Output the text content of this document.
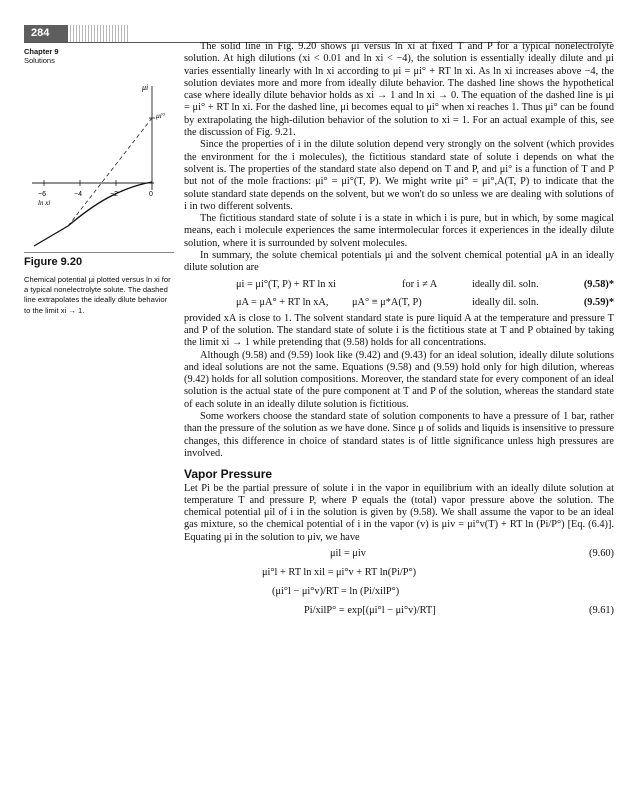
284
Chapter 9
Solutions
μi
μi°
−6	−4	−2	0
ln xi
Figure 9.20
Chemical potential μi plotted versus ln xi for a typical nonelectrolyte solute. The dashed line extrapolates the ideally dilute behavior to the limit xi → 1.

The solid line in Fig. 9.20 shows μi versus ln xi at fixed T and P for a typical nonelectrolyte solution. At high dilutions (xi < 0.01 and ln xi < −4), the solution is essentially ideally dilute and μi varies essentially linearly with ln xi according to μi = μi° + RT ln xi. As ln xi increases above −4, the solution deviates more and more from ideally dilute behavior. The dashed line shows the hypothetical case where ideally dilute behavior holds as xi → 1 and ln xi → 0. The equation of the dashed line is μi = μi° + RT ln xi. For the dashed line, μi becomes equal to μi° when xi reaches 1. Thus μi° can be found by extrapolating the high-dilution behavior of the solution to xi = 1. For an actual example of this, see the discussion of Fig. 9.21.

Since the properties of i in the dilute solution depend very strongly on the solvent (which provides the environment for the i molecules), the fictitious standard state of solute i depends on what the solvent is. The properties of the standard state also depend on T and P, and μi° is a function of T and P but not of the mole fractions: μi° = μi°(T, P). We might write μi° = μi°,A(T, P) to indicate that the solute standard state depends on the solvent, but we won't do so unless we are dealing with solutions of i in two different solvents.

The fictitious standard state of solute i is a state in which i is pure, but in which, by some magical means, each i molecule experiences the same intermolecular forces it experiences in the ideally dilute solution, where it is surrounded by solvent molecules.

In summary, the solute chemical potentials μi and the solvent chemical potential μA in an ideally dilute solution are

μi = μi°(T, P) + RT ln xi	for i ≠ A	ideally dil. soln.	(9.58)*
μA = μA° + RT ln xA, μA° ≡ μ*A(T, P)	ideally dil. soln.	(9.59)*

provided xA is close to 1. The solvent standard state is pure liquid A at the temperature and pressure T and P of the solution. The standard state of solute i is the fictitious state at T and P obtained by taking the limit xi → 1 while pretending that (9.58) holds for all concentrations.

Although (9.58) and (9.59) look like (9.42) and (9.43) for an ideal solution, ideally dilute solutions and ideal solutions are not the same. Equations (9.58) and (9.59) hold only for high dilution, whereas (9.42) holds for all solution compositions. Moreover, the standard state for every component of an ideal solution is the actual state of the pure component at T and P of the solution, whereas the standard state of each solute in an ideally dilute solution is fictitious.

Some workers choose the standard state of solution components to have a pressure of 1 bar, rather than the pressure of the solution as we have done. Since μ of solids and liquids is insensitive to pressure changes, this difference in choice of standard states is of little significance unless high pressures are involved.

Vapor Pressure

Let Pi be the partial pressure of solute i in the vapor in equilibrium with an ideally dilute solution at temperature T and pressure P, where P equals the (total) vapor pressure above the solution. The chemical potential μil of i in the solution is given by (9.58). We shall assume the vapor to be an ideal gas mixture, so the chemical potential of i in the vapor (v) is μiv = μi°v(T) + RT ln (Pi/P°) [Eq. (6.4)]. Equating μi in the solution to μiv, we have

μil = μiv	(9.60)
μi°l + RT ln xil = μi°v + RT ln(Pi/P°)
(μi°l − μi°v)/RT = ln (Pi/xilP°)
Pi/xilP° = exp[(μi°l − μi°v)/RT]	(9.61)
